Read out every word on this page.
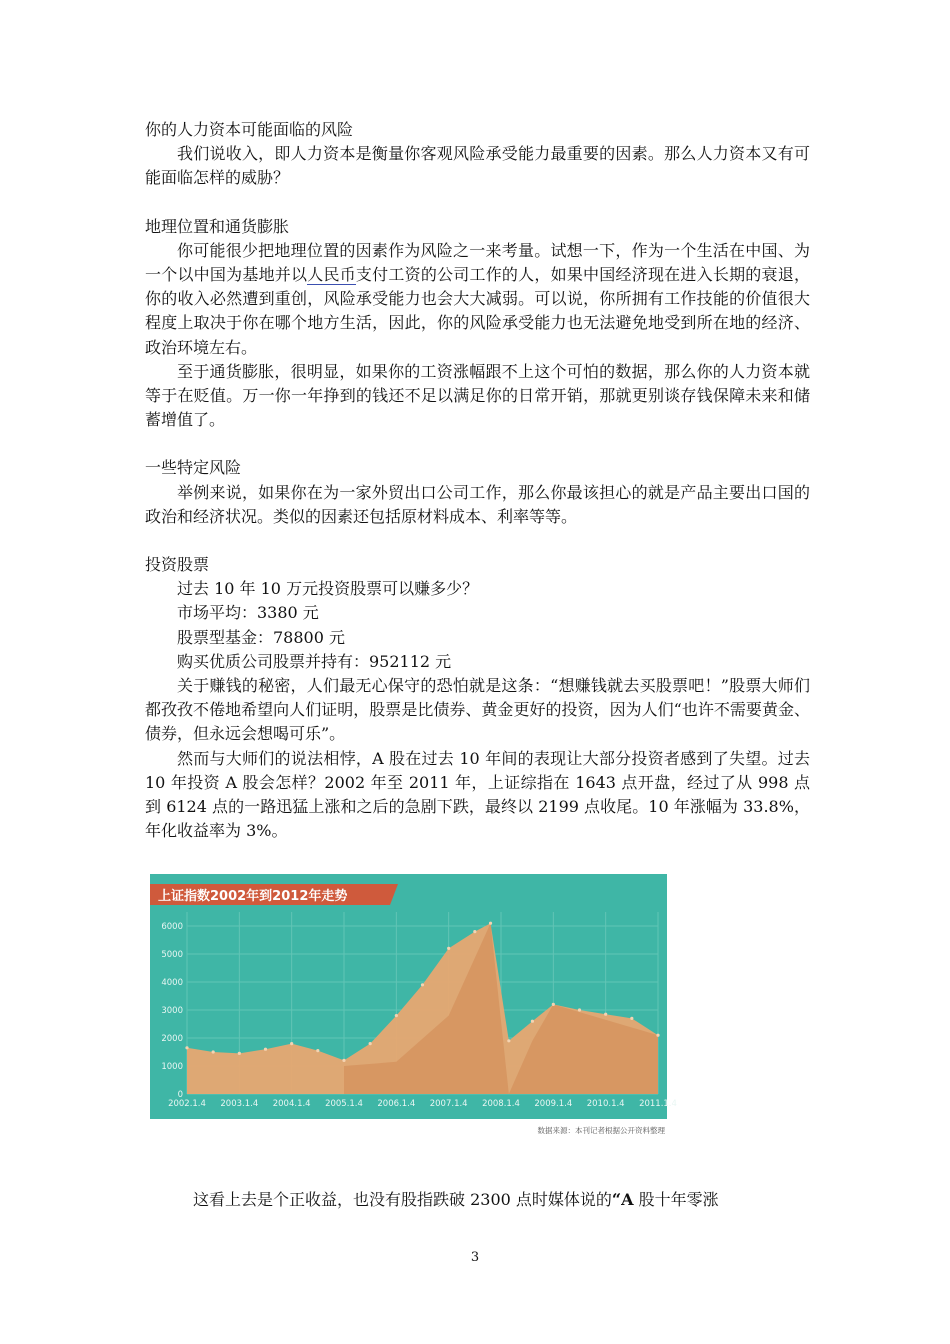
你的人力资本可能面临的风险

我们说收入，即人力资本是衡量你客观风险承受能力最重要的因素。那么人力资本又有可能面临怎样的威胁？

地理位置和通货膨胀

你可能很少把地理位置的因素作为风险之一来考量。试想一下，作为一个生活在中国、为一个以中国为基地并以人民币支付工资的公司工作的人，如果中国经济现在进入长期的衰退，你的收入必然遭到重创，风险承受能力也会大大减弱。可以说，你所拥有工作技能的价值很大程度上取决于你在哪个地方生活，因此，你的风险承受能力也无法避免地受到所在地的经济、政治环境左右。

至于通货膨胀，很明显，如果你的工资涨幅跟不上这个可怕的数据，那么你的人力资本就等于在贬值。万一你一年挣到的钱还不足以满足你的日常开销，那就更别谈存钱保障未来和储蓄增值了。

一些特定风险

举例来说，如果你在为一家外贸出口公司工作，那么你最该担心的就是产品主要出口国的政治和经济状况。类似的因素还包括原材料成本、利率等等。

投资股票

过去 10 年 10 万元投资股票可以赚多少？

市场平均：3380 元

股票型基金：78800 元

购买优质公司股票并持有：952112 元

关于赚钱的秘密，人们最无心保守的恐怕就是这条：“想赚钱就去买股票吧！”股票大师们都孜孜不倦地希望向人们证明，股票是比债券、黄金更好的投资，因为人们“也许不需要黄金、债券，但永远会想喝可乐”。

然而与大师们的说法相悖，A 股在过去 10 年间的表现让大部分投资者感到了失望。过去 10 年投资 A 股会怎样？2002 年至 2011 年，上证综指在 1643 点开盘，经过了从 998 点到 6124 点的一路迅猛上涨和之后的急剧下跌，最终以 2199 点收尾。10 年涨幅为 33.8%，年化收益率为 3%。

0
1000
2000
3000
4000
5000
6000
2002.1.4 2003.1.4 2004.1.4 2005.1.4 2006.1.4 2007.1.4 2008.1.4 2009.1.4 2010.1.4 2011.1.4
上证指数2002年到2012年走势
数据来源：本刊记者根据公开资料整理

这看上去是个正收益，也没有股指跌破 2300 点时媒体说的“A 股十年零涨

3
